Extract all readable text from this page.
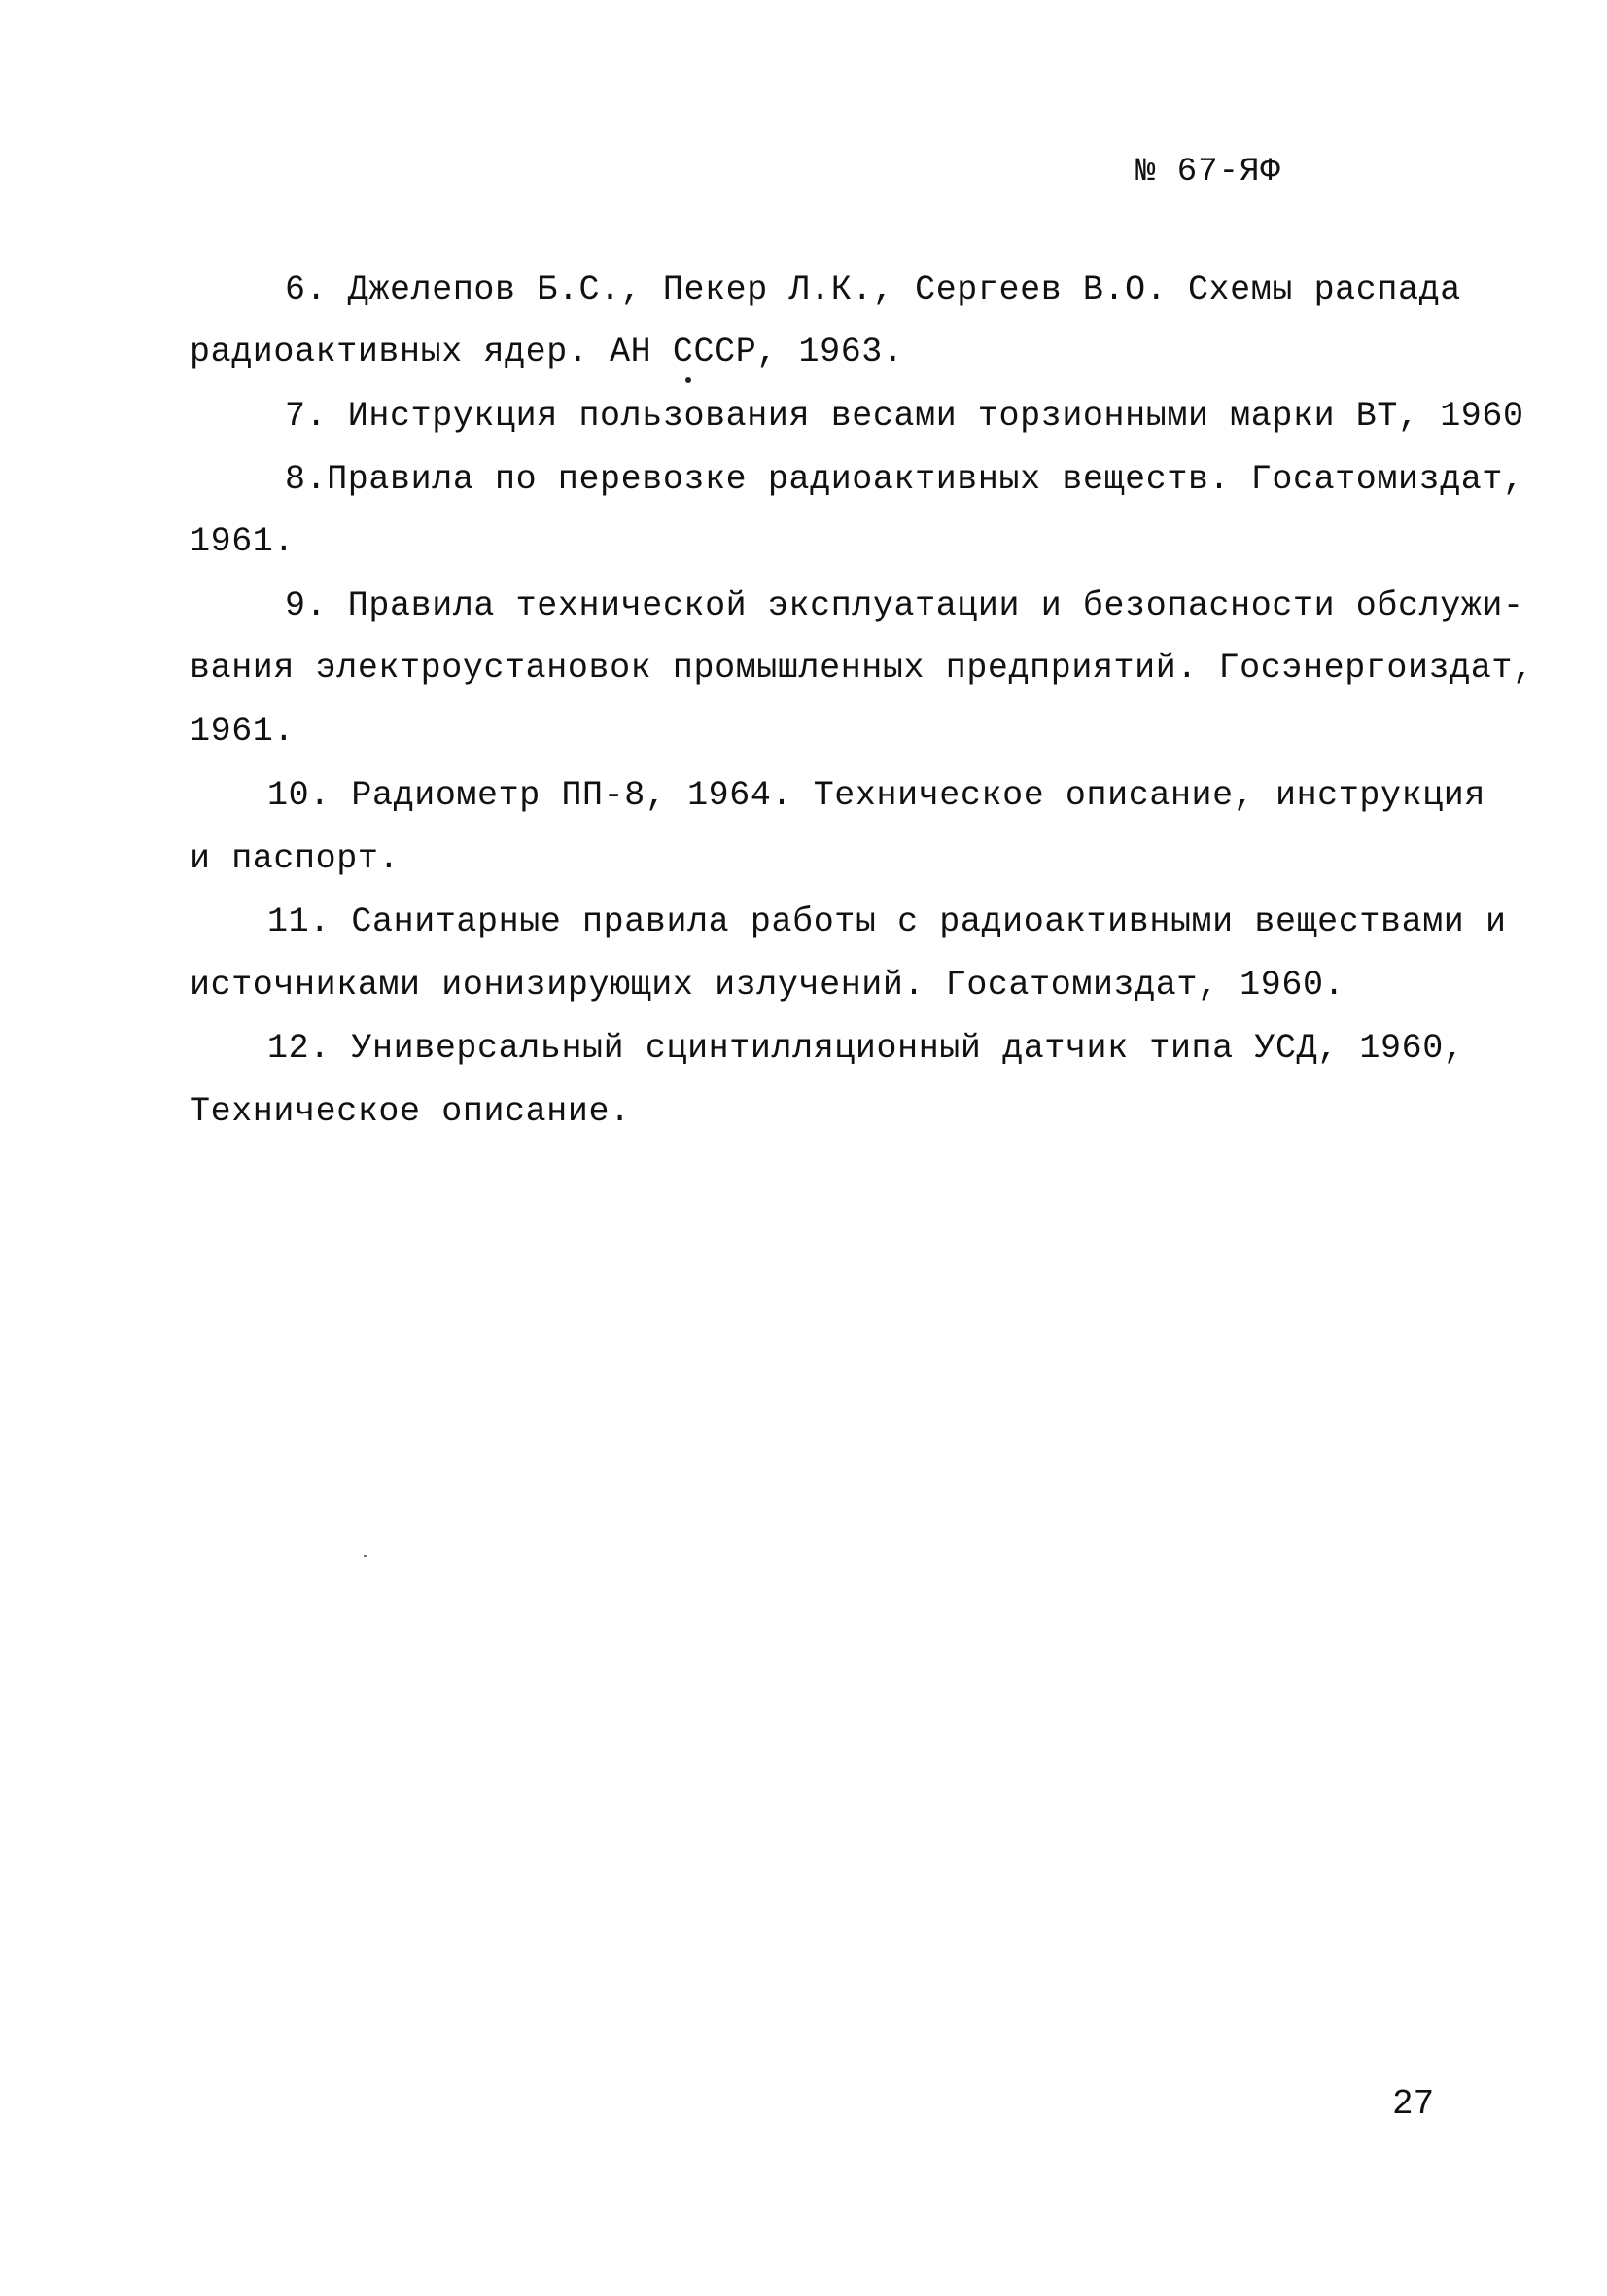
№ 67-ЯФ
6. Джелепов Б.С., Пекер Л.К., Сергеев В.О. Схемы распада
радиоактивных ядер. АН СССР, 1963.
7. Инструкция пользования весами торзионными марки ВТ, 1960
8.Правила по перевозке радиоактивных веществ. Госатомиздат,
1961.
9. Правила технической эксплуатации и безопасности обслужи-
вания электроустановок промышленных предприятий. Госэнергоиздат,
1961.
10. Радиометр ПП-8, 1964. Техническое описание, инструкция
и паспорт.
11. Санитарные правила работы с радиоактивными веществами и
источниками ионизирующих излучений. Госатомиздат, 1960.
12. Универсальный сцинтилляционный датчик типа УСД, 1960,
Техническое описание.
27
